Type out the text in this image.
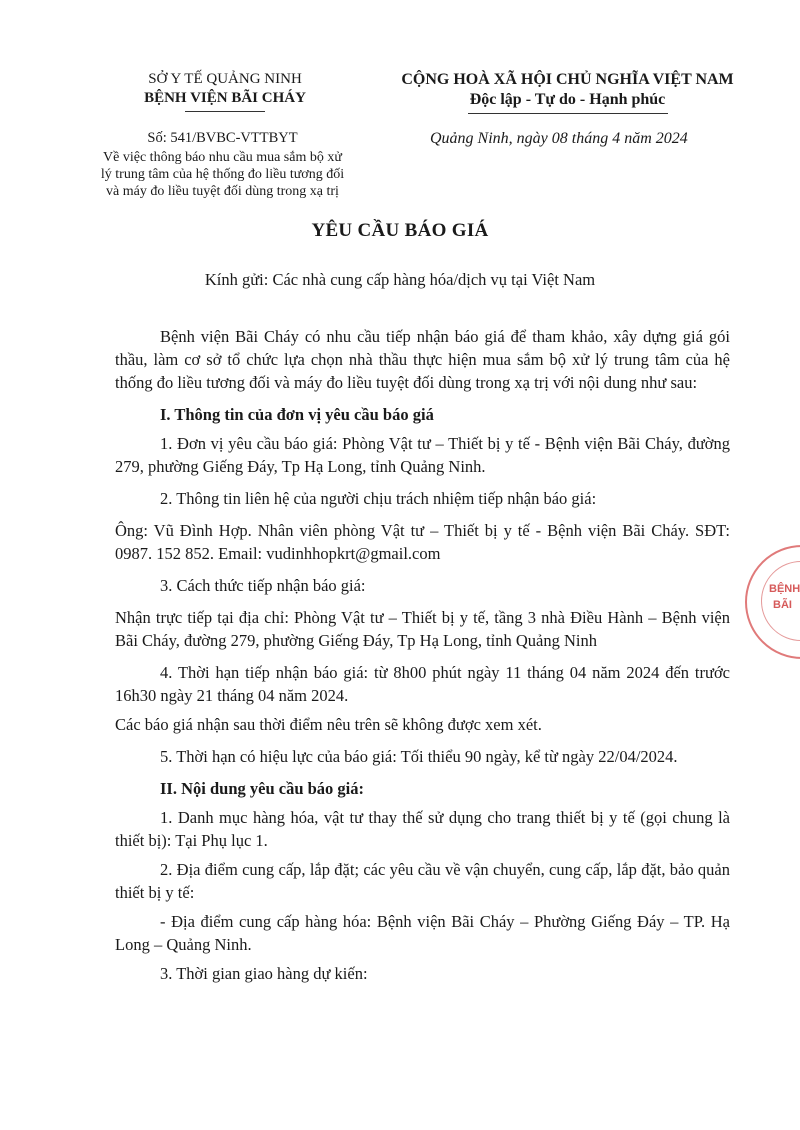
SỞ Y TẾ QUẢNG NINH
BỆNH VIỆN BÃI CHÁY
CỘNG HOÀ XÃ HỘI CHỦ NGHĨA VIỆT NAM
Độc lập - Tự do - Hạnh phúc
Số: 541/BVBC-VTTBYT
Về việc thông báo nhu cầu mua sắm bộ xử lý trung tâm của hệ thống đo liều tương đối và máy đo liều tuyệt đối dùng trong xạ trị
Quảng Ninh, ngày 08 tháng 4 năm 2024
YÊU CẦU BÁO GIÁ
Kính gửi: Các nhà cung cấp hàng hóa/dịch vụ tại Việt Nam

Bệnh viện Bãi Cháy có nhu cầu tiếp nhận báo giá để tham khảo, xây dựng giá gói thầu, làm cơ sở tổ chức lựa chọn nhà thầu thực hiện mua sắm bộ xử lý trung tâm của hệ thống đo liều tương đối và máy đo liều tuyệt đối dùng trong xạ trị với nội dung như sau:

I. Thông tin của đơn vị yêu cầu báo giá

1. Đơn vị yêu cầu báo giá: Phòng Vật tư – Thiết bị y tế - Bệnh viện Bãi Cháy, đường 279, phường Giếng Đáy, Tp Hạ Long, tỉnh Quảng Ninh.

2. Thông tin liên hệ của người chịu trách nhiệm tiếp nhận báo giá:

Ông: Vũ Đình Hợp. Nhân viên phòng Vật tư – Thiết bị y tế - Bệnh viện Bãi Cháy. SĐT: 0987. 152 852. Email: vudinhhopkrt@gmail.com

3. Cách thức tiếp nhận báo giá:

Nhận trực tiếp tại địa chỉ: Phòng Vật tư – Thiết bị y tế, tầng 3 nhà Điều Hành – Bệnh viện Bãi Cháy, đường 279, phường Giếng Đáy, Tp Hạ Long, tỉnh Quảng Ninh

4. Thời hạn tiếp nhận báo giá: từ 8h00 phút ngày 11 tháng 04 năm 2024 đến trước 16h30 ngày 21 tháng 04 năm 2024.

Các báo giá nhận sau thời điểm nêu trên sẽ không được xem xét.

5. Thời hạn có hiệu lực của báo giá: Tối thiểu 90 ngày, kể từ ngày 22/04/2024.

II. Nội dung yêu cầu báo giá:

1. Danh mục hàng hóa, vật tư thay thế sử dụng cho trang thiết bị y tế (gọi chung là thiết bị): Tại Phụ lục 1.

2. Địa điểm cung cấp, lắp đặt; các yêu cầu về vận chuyển, cung cấp, lắp đặt, bảo quản thiết bị y tế:

- Địa điểm cung cấp hàng hóa: Bệnh viện Bãi Cháy – Phường Giếng Đáy – TP. Hạ Long – Quảng Ninh.

3. Thời gian giao hàng dự kiến:

BỆNH
BÃI
